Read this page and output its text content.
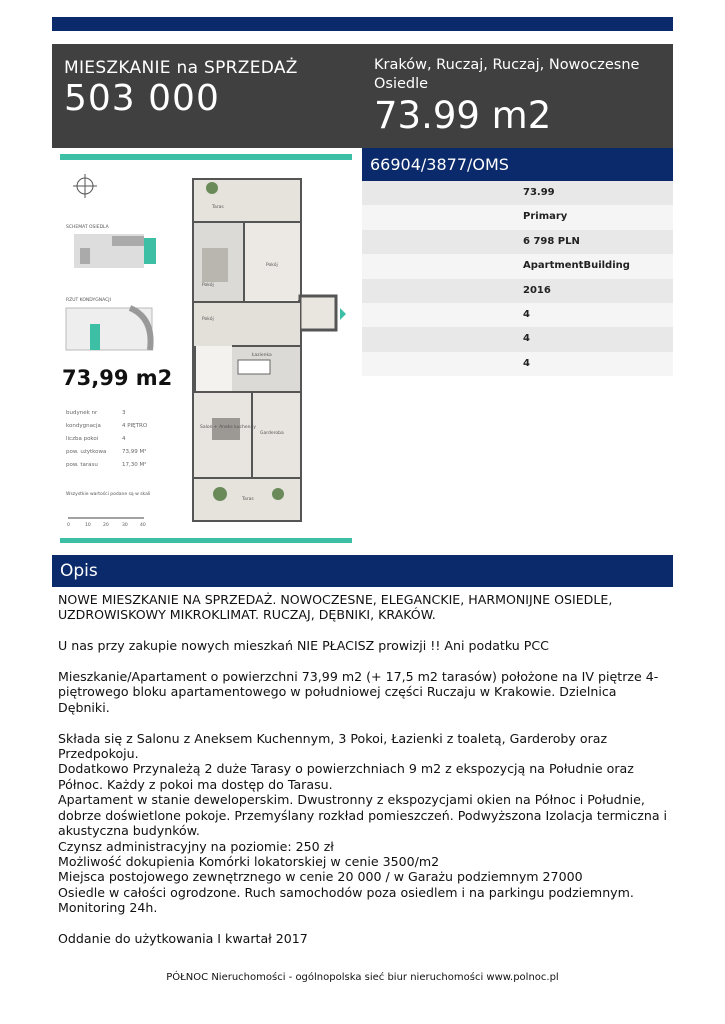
MIESZKANIE na SPRZEDAŻ
503 000
Kraków, Ruczaj, Ruczaj, Nowoczesne Osiedle
73.99 m2
SCHEMAT OSIEDLA
RZUT KONDYGNACJI
budynek nr	3
kondygnacja	4 PIĘTRO
liczba pokoi	4
pow. użytkowa	73,99 M²
pow. tarasu	17,30 M²
Wszystkie wartości podane są w skali
0	10	20	30	40
Taras
Pokój
Pokój
Pokój
Salon + Aneks kuchenny
Łazienka
Garderoba
Taras
73,99 m2
66904/3877/OMS
73.99
Primary
6 798 PLN
ApartmentBuilding
2016
4
4
4
Opis

NOWE MIESZKANIE NA SPRZEDAŻ. NOWOCZESNE, ELEGANCKIE, HARMONIJNE OSIEDLE, UZDROWISKOWY MIKROKLIMAT. RUCZAJ, DĘBNIKI, KRAKÓW.

U nas przy zakupie nowych mieszkań NIE PŁACISZ prowizji !! Ani podatku PCC

Mieszkanie/Apartament o powierzchni 73,99 m2 (+ 17,5 m2 tarasów) położone na IV piętrze 4-piętrowego bloku apartamentowego w południowej części Ruczaju w Krakowie. Dzielnica Dębniki.

Składa się z Salonu z Aneksem Kuchennym, 3 Pokoi, Łazienki z toaletą, Garderoby oraz Przedpokoju.
Dodatkowo Przynależą 2 duże Tarasy o powierzchniach 9 m2 z ekspozycją na Południe oraz Północ. Każdy z pokoi ma dostęp do Tarasu.
Apartament w stanie deweloperskim. Dwustronny z ekspozycjami okien na Północ i Południe, dobrze doświetlone pokoje. Przemyślany rozkład pomieszczeń. Podwyższona Izolacja termiczna i akustyczna budynków.
Czynsz administracyjny na poziomie: 250 zł
Możliwość dokupienia Komórki lokatorskiej w cenie 3500/m2
Miejsca postojowego zewnętrznego w cenie 20 000 / w Garażu podziemnym 27000
Osiedle w całości ogrodzone. Ruch samochodów poza osiedlem i na parkingu podziemnym. Monitoring 24h.

Oddanie do użytkowania I kwartał 2017

PÓŁNOC Nieruchomości - ogólnopolska sieć biur nieruchomości www.polnoc.pl
